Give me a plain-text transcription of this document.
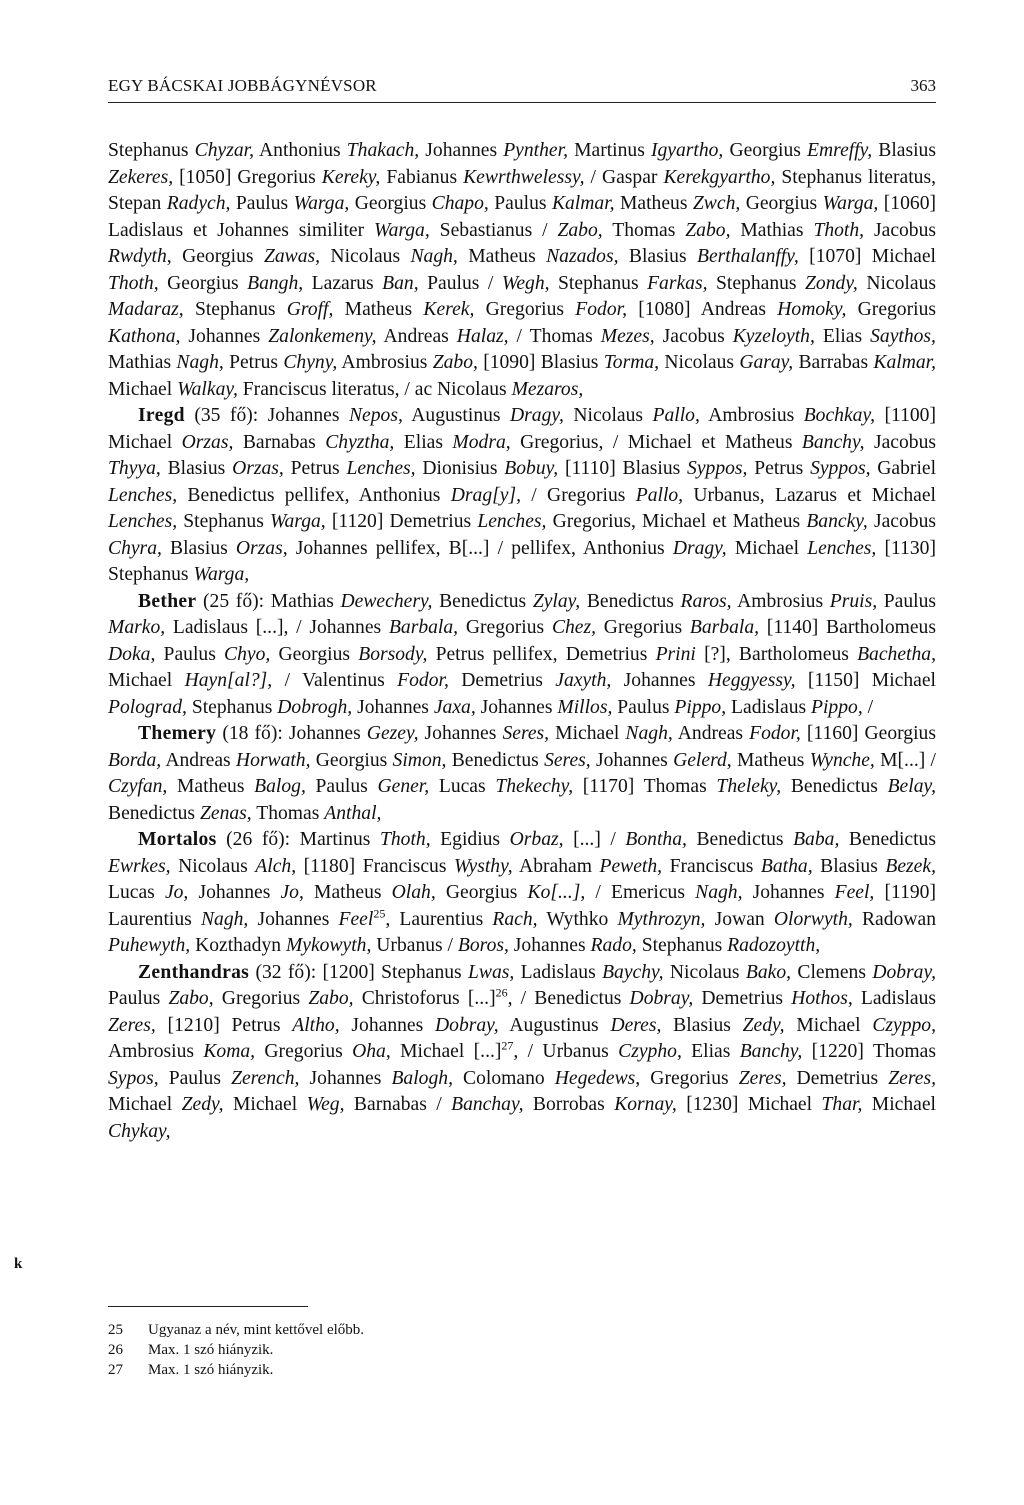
EGY BÁCSKAI JOBBÁGYNÉVSOR	363
k

Stephanus Chyzar, Anthonius Thakach, Johannes Pynther, Martinus Igyartho, Georgius Emreffy, Blasius Zekeres, [1050] Gregorius Kereky, Fabianus Kewrthwelessy, / Gaspar Kerekgyartho, Stephanus literatus, Stepan Radych, Paulus Warga, Georgius Chapo, Paulus Kalmar, Matheus Zwch, Georgius Warga, [1060] Ladislaus et Johannes similiter Warga, Sebastianus / Zabo, Thomas Zabo, Mathias Thoth, Jacobus Rwdyth, Georgius Zawas, Nicolaus Nagh, Matheus Nazados, Blasius Berthalanffy, [1070] Michael Thoth, Georgius Bangh, Lazarus Ban, Paulus / Wegh, Stephanus Farkas, Stephanus Zondy, Nicolaus Madaraz, Stephanus Groff, Matheus Kerek, Gregorius Fodor, [1080] Andreas Homoky, Gregorius Kathona, Johannes Zalonkemeny, Andreas Halaz, / Thomas Mezes, Jacobus Kyzeloyth, Elias Saythos, Mathias Nagh, Petrus Chyny, Ambrosius Zabo, [1090] Blasius Torma, Nicolaus Garay, Barrabas Kalmar, Michael Walkay, Franciscus literatus, / ac Nicolaus Mezaros,

Iregd (35 fő): Johannes Nepos, Augustinus Dragy, Nicolaus Pallo, Ambrosius Bochkay, [1100] Michael Orzas, Barnabas Chyztha, Elias Modra, Gregorius, / Michael et Matheus Banchy, Jacobus Thyya, Blasius Orzas, Petrus Lenches, Dionisius Bobuy, [1110] Blasius Syppos, Petrus Syppos, Gabriel Lenches, Benedictus pellifex, Anthonius Drag[y], / Gregorius Pallo, Urbanus, Lazarus et Michael Lenches, Stephanus Warga, [1120] Demetrius Lenches, Gregorius, Michael et Matheus Bancky, Jacobus Chyra, Blasius Orzas, Johannes pellifex, B[...] / pellifex, Anthonius Dragy, Michael Lenches, [1130] Stephanus Warga,

Bether (25 fő): Mathias Dewechery, Benedictus Zylay, Benedictus Raros, Ambrosius Pruis, Paulus Marko, Ladislaus [...], / Johannes Barbala, Gregorius Chez, Gregorius Barbala, [1140] Bartholomeus Doka, Paulus Chyo, Georgius Borsody, Petrus pellifex, Demetrius Prini [?], Bartholomeus Bachetha, Michael Hayn[al?], / Valentinus Fodor, Demetrius Jaxyth, Johannes Heggyessy, [1150] Michael Polograd, Stephanus Dobrogh, Johannes Jaxa, Johannes Millos, Paulus Pippo, Ladislaus Pippo, /

Themery (18 fő): Johannes Gezey, Johannes Seres, Michael Nagh, Andreas Fodor, [1160] Georgius Borda, Andreas Horwath, Georgius Simon, Benedictus Seres, Johannes Gelerd, Matheus Wynche, M[...] / Czyfan, Matheus Balog, Paulus Gener, Lucas Thekechy, [1170] Thomas Theleky, Benedictus Belay, Benedictus Zenas, Thomas Anthal,

Mortalos (26 fő): Martinus Thoth, Egidius Orbaz, [...] / Bontha, Benedictus Baba, Benedictus Ewrkes, Nicolaus Alch, [1180] Franciscus Wysthy, Abraham Peweth, Franciscus Batha, Blasius Bezek, Lucas Jo, Johannes Jo, Matheus Olah, Georgius Ko[...], / Emericus Nagh, Johannes Feel, [1190] Laurentius Nagh, Johannes Feel$^{25}$, Laurentius Rach, Wythko Mythrozyn, Jowan Olorwyth, Radowan Puhewyth, Kozthadyn Mykowyth, Urbanus / Boros, Johannes Rado, Stephanus Radozoytth,

Zenthandras (32 fő): [1200] Stephanus Lwas, Ladislaus Baychy, Nicolaus Bako, Clemens Dobray, Paulus Zabo, Gregorius Zabo, Christoforus [...]$^{26}$, / Benedictus Dobray, Demetrius Hothos, Ladislaus Zeres, [1210] Petrus Altho, Johannes Dobray, Augustinus Deres, Blasius Zedy, Michael Czyppo, Ambrosius Koma, Gregorius Oha, Michael [...]$^{27}$, / Urbanus Czypho, Elias Banchy, [1220] Thomas Sypos, Paulus Zerench, Johannes Balogh, Colomano Hegedews, Gregorius Zeres, Demetrius Zeres, Michael Zedy, Michael Weg, Barnabas / Banchay, Borrobas Kornay, [1230] Michael Thar, Michael Chykay,

25	Ugyanaz a név, mint kettővel előbb.
26	Max. 1 szó hiányzik.
27	Max. 1 szó hiányzik.
